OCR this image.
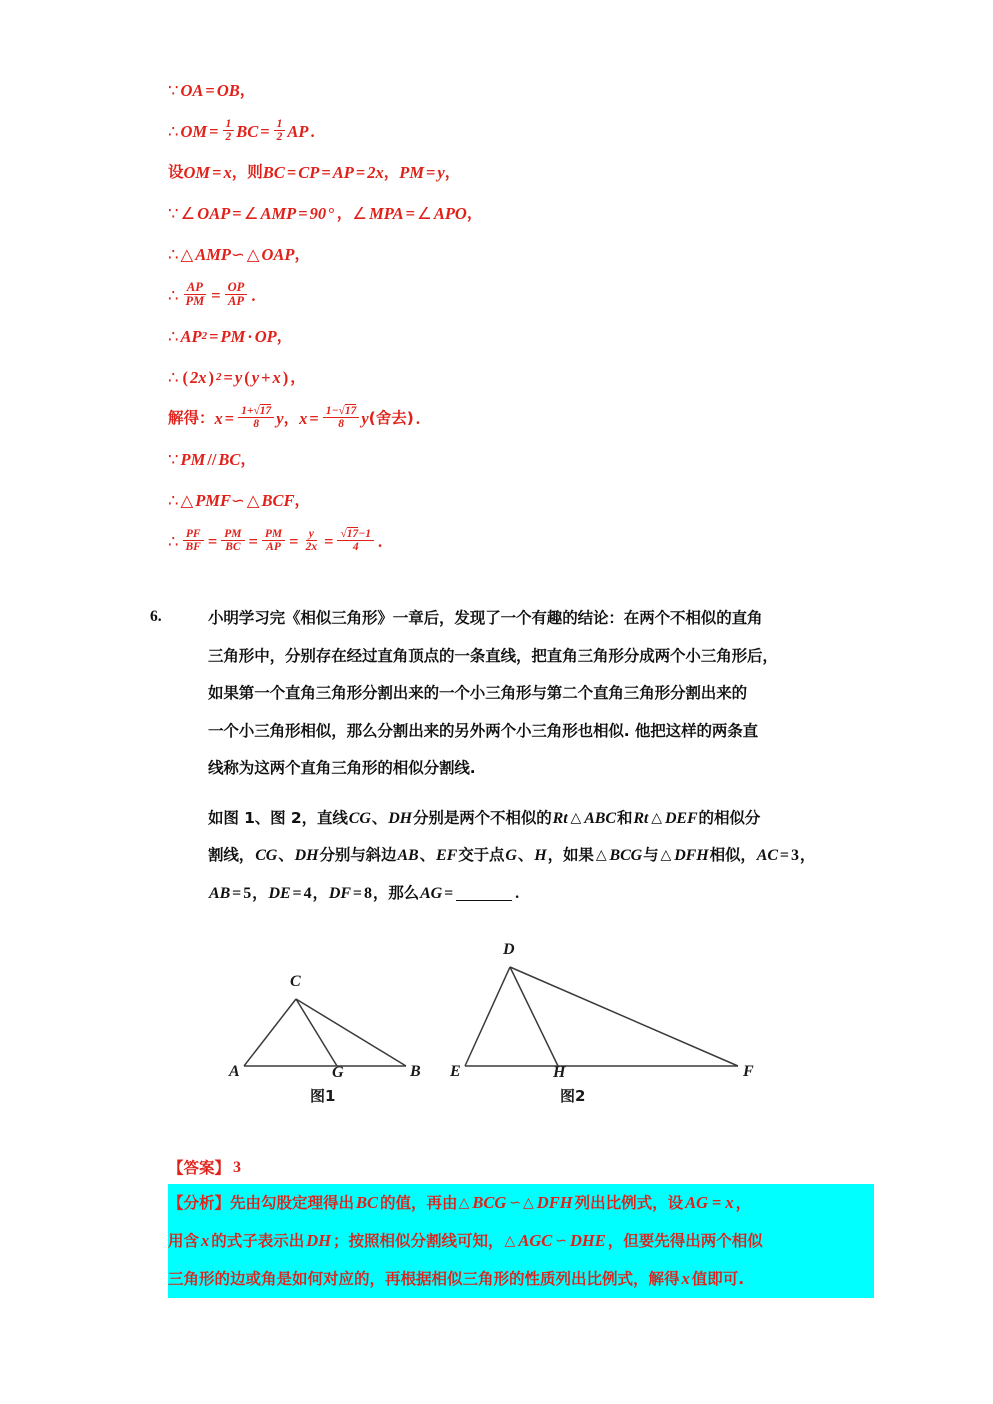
∵ OA = OB ，
∴ OM = $\frac{1}{2}$ BC = $\frac{1}{2}$ AP .
设 OM = x ， 则 BC = CP = AP = 2x ， PM = y ，
∵ ∠ OAP = ∠ AMP = 90 ° ， ∠ MPA = ∠ APO ，
∴ △ AMP ∽ △ OAP ，
∴ $\frac{AP}{PM} = \frac{OP}{AP}$ .
∴ AP 2 = PM · OP ，
∴ ( 2x ) 2 = y ( y + x ) ，
解得： $x = \frac{1+√17}{8}$ y ， $x = \frac{1-√17}{8}$ y (舍去) .
∵ PM // BC ，
∴ △ PMF ∽ △ BCF ，
∴ $\frac{PF}{BF} = \frac{PM}{BC} = \frac{PM}{AP} = \frac{y}{2x} = \frac{√17-1}{4}$ .
6.	小明学习完《相似三角形》一章后，发现了一个有趣的结论：在两个不相似的直角
三角形中，分别存在经过直角顶点的一条直线，把直角三角形分成两个小三角形后，
如果第一个直角三角形分割出来的一个小三角形与第二个直角三角形分割出来的
一个小三角形相似，那么分割出来的另外两个小三角形也相似. 他把这样的两条直
线称为这两个直角三角形的相似分割线.
如图 1、图 2，直线 CG 、 DH 分别是两个不相似的 Rt △ ABC 和 Rt △ DEF 的相似分
割线， CG 、 DH 分别与斜边 AB 、 EF 交于点 G 、 H ，如果 △ BCG 与 △ DFH 相似， AC = 3 ，
AB = 5 ， DE = 4 ， DF = 8 ， 那么 AG =	.
A	G	B
C
图1
E	H	F
D
图2
【答案】 3
【分析】 先由勾股定理得出 BC 的值，再由 △ BCG ∽ △ DFH 列出比例式，设 AG = x ，
用含 x 的式子表示出 DH ；按照相似分割线可知， △ AGC ∽ DHE ，但要先得出两个相似
三角形的边或角是如何对应的，再根据相似三角形的性质列出比例式，解得 x 值即可.
